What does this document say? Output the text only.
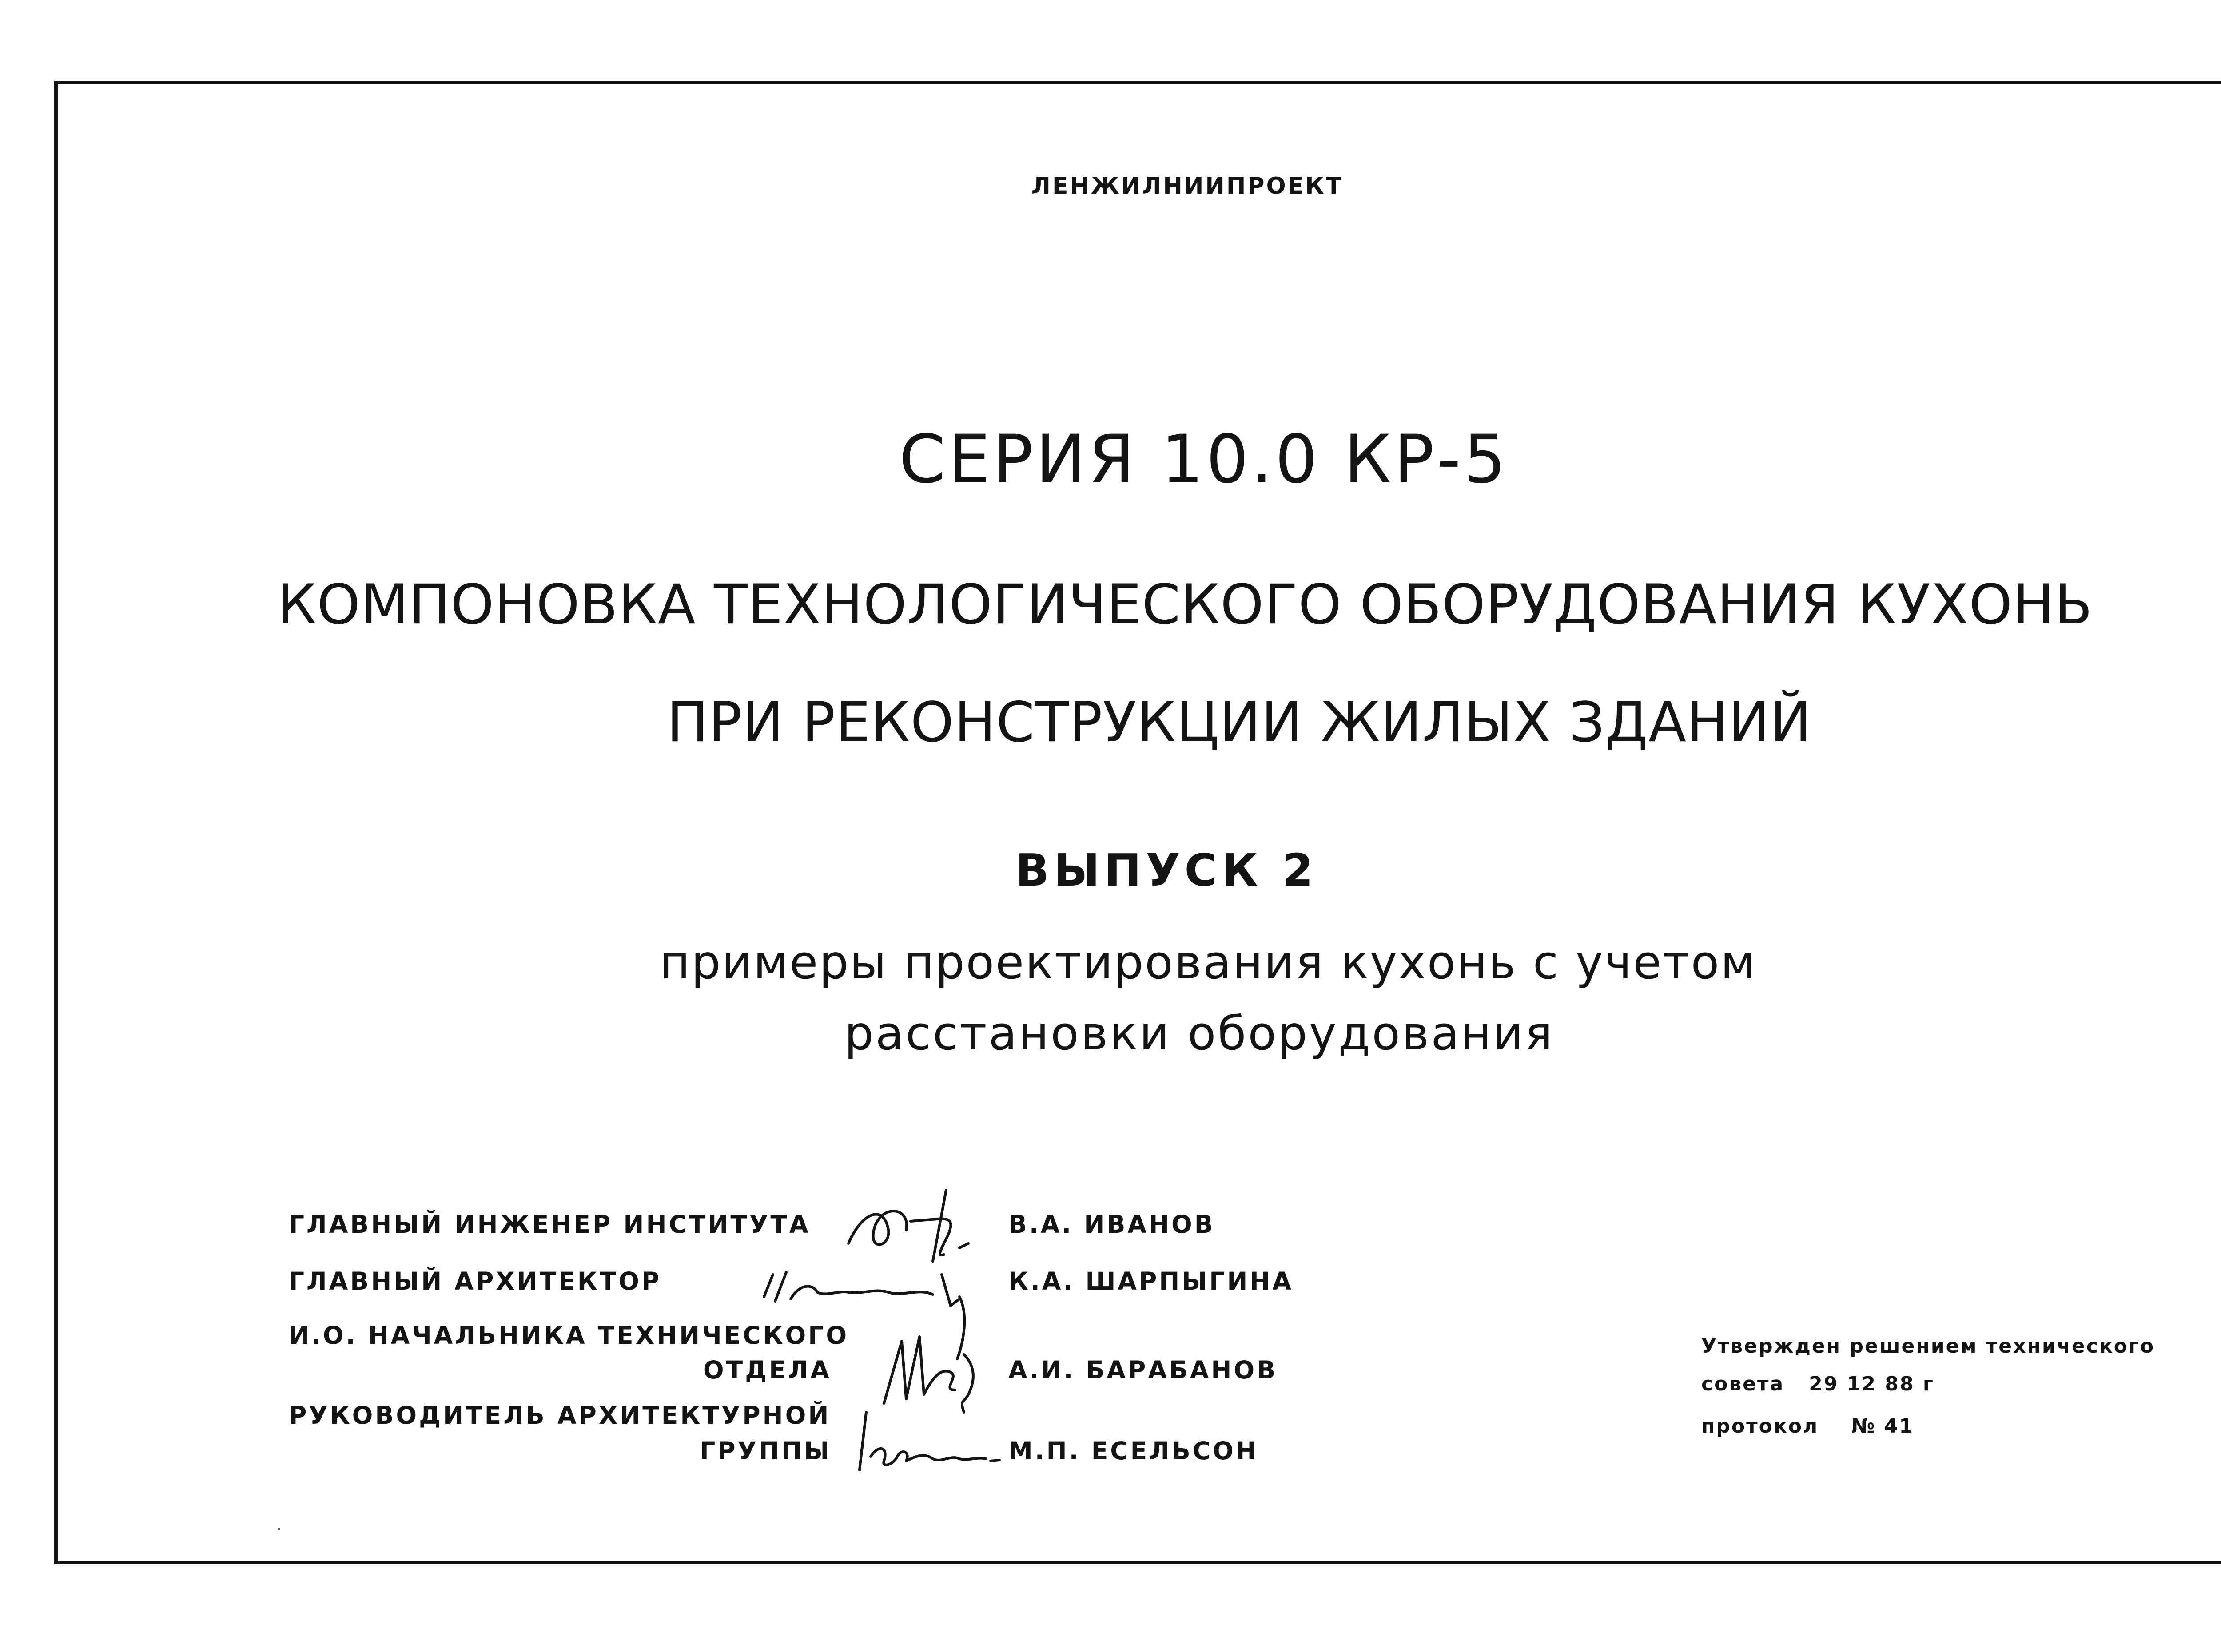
ЛЕНЖИЛНИИПРОЕКТ

СЕРИЯ 10.0 КР-5

КОМПОНОВКА ТЕХНОЛОГИЧЕСКОГО ОБОРУДОВАНИЯ КУХОНЬ

ПРИ РЕКОНСТРУКЦИИ ЖИЛЫХ ЗДАНИЙ

ВЫПУСК 2

примеры проектирования кухонь с учетом

расстановки оборудования

ГЛАВНЫЙ ИНЖЕНЕР ИНСТИТУТА	В.А. ИВАНОВ

ГЛАВНЫЙ АРХИТЕКТОР	К.А. ШАРПЫГИНА

И.О. НАЧАЛЬНИКА ТЕХНИЧЕСКОГО

ОТДЕЛА	А.И. БАРАБАНОВ

РУКОВОДИТЕЛЬ АРХИТЕКТУРНОЙ

ГРУППЫ	М.П. ЕСЕЛЬСОН

Утвержден решением технического

совета 29 12 88 г

протокол № 41
